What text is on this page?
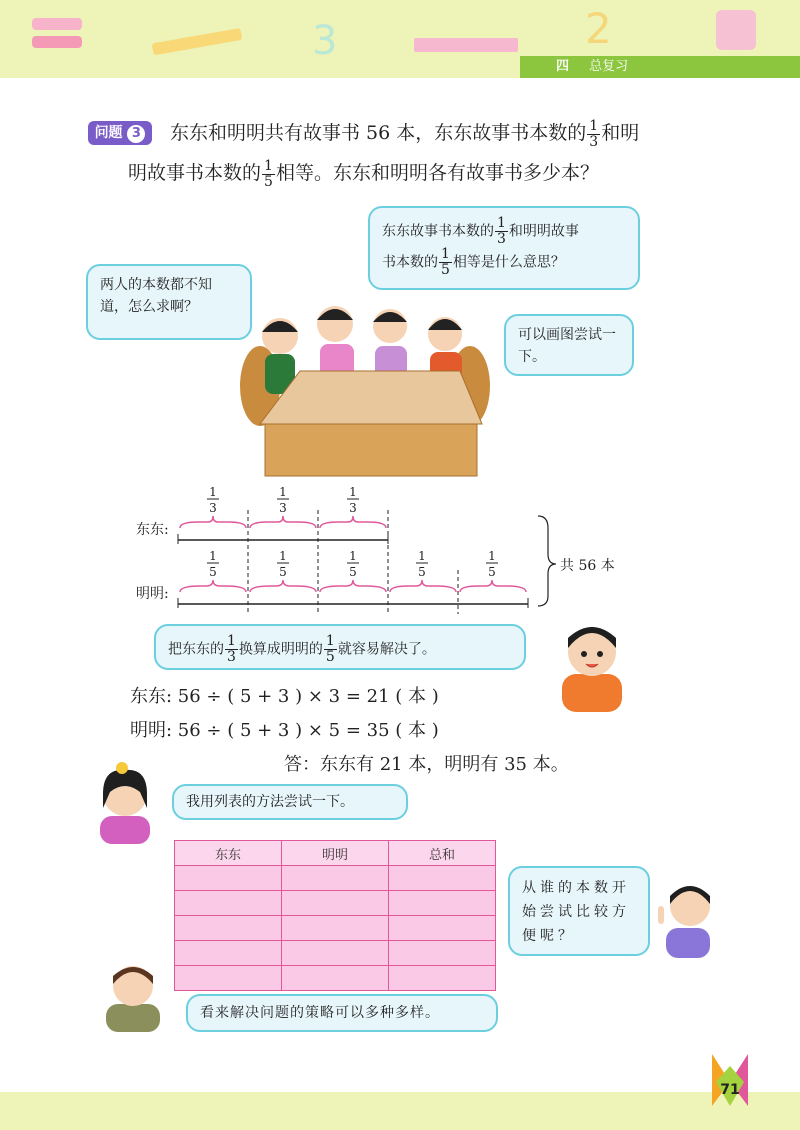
3	2
四 总复习
问题 3	东东和明明共有故事书 56 本，东东故事书本数的 $\frac{1}{3}$ 和明
明故事书本数的 $\frac{1}{5}$ 相等。东东和明明各有故事书多少本？
东东故事书本数的 $\frac{1}{3}$ 和明明故事
书本数的 $\frac{1}{5}$ 相等是什么意思？
两人的本数都不知道，怎么求啊？
可以画图尝试一下。
东东:
明明:
1
3
1
3
1
3
1
5
1
5
1
5
1
5
1
5	共 56 本
把东东的 $\frac{1}{3}$ 换算成明明的 $\frac{1}{5}$ 就容易解决了。
东东: 56 ÷ ( 5 + 3 ) × 3 = 21 ( 本 )
明明: 56 ÷ ( 5 + 3 ) × 5 = 35 ( 本 )
答：东东有 21 本，明明有 35 本。
我用列表的方法尝试一下。
东东	明明	总和

从谁的本数开始尝试比较方便呢？
看来解决问题的策略可以多种多样。
71
